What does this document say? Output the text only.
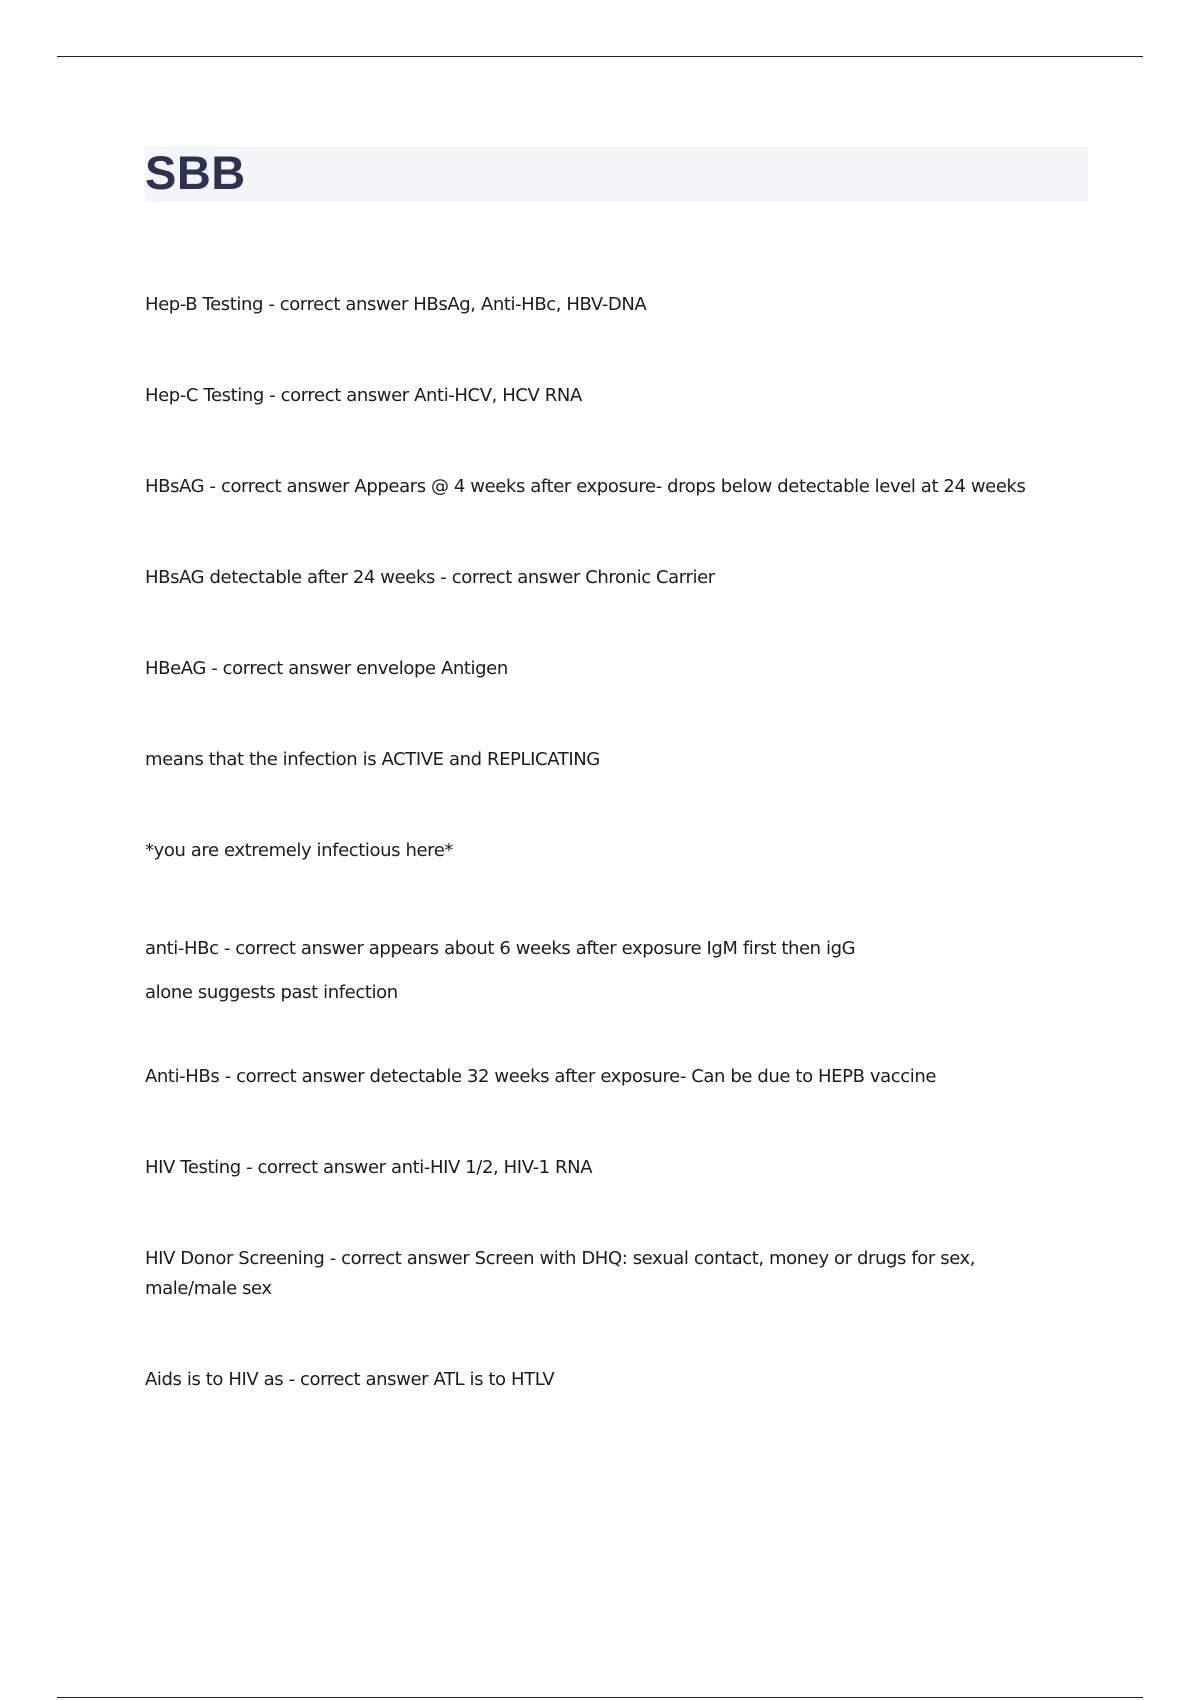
SBB
Hep-B Testing - correct answer HBsAg, Anti-HBc, HBV-DNA
Hep-C Testing - correct answer Anti-HCV, HCV RNA
HBsAG - correct answer Appears @ 4 weeks after exposure- drops below detectable level at 24 weeks
HBsAG detectable after 24 weeks - correct answer Chronic Carrier
HBeAG - correct answer envelope Antigen
means that the infection is ACTIVE and REPLICATING
*you are extremely infectious here*
anti-HBc - correct answer appears about 6 weeks after exposure IgM first then igG
alone suggests past infection
Anti-HBs - correct answer detectable 32 weeks after exposure- Can be due to HEPB vaccine
HIV Testing - correct answer anti-HIV 1/2, HIV-1 RNA
HIV Donor Screening - correct answer Screen with DHQ: sexual contact, money or drugs for sex,
male/male sex
Aids is to HIV as - correct answer ATL is to HTLV
